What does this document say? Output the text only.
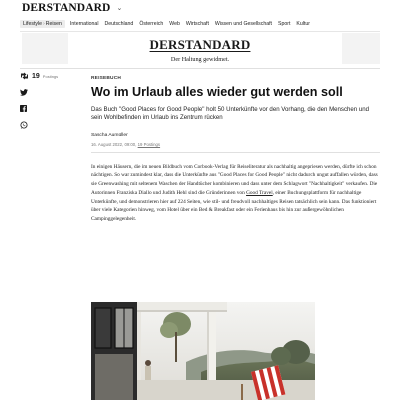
DERSTANDARD ⌄
Lifestyle›Reisen	International Deutschland Österreich Web Wirtschaft Wissen und Gesellschaft Sport Kultur
DERSTANDARD
Der Haltung gewidmet.
19 Postings	REISEBUCH
Wo im Urlaub alles wieder gut werden soll

Das Buch "Good Places for Good People" holt 50 Unterkünfte vor den Vorhang, die den Menschen und sein Wohlbefinden im Urlaub ins Zentrum rücken

Sascha Aumüller
16. August 2022, 09:00, 19 Postings

In einigen Häusern, die im neuen Bildbuch vom Corbook-Verlag für Reiseliteratur als nachhaltig angepriesen werden, dürfte ich schon nächtigen. So war zumindest klar, dass die Unterkünfte aus "Good Places for Good People" nicht dadurch ungut auffallen würden, dass sie Greenwashing mit seltenem Waschen der Handtücher kombinieren und dass unter dem Schlagwort "Nachhaltigkeit" verkaufen. Die Autorinnen Franziska Diallo und Judith Hehl sind die Gründerinnen von Good Travel, einer Buchungsplattform für nachhaltige Unterkünfte, und demonstrieren hier auf 224 Seiten, wie stil- und freudvoll nachhaltiges Reisen tatsächlich sein kann. Das funktioniert über viele Kategorien hinweg, vom Hotel über ein Bed & Breakfast oder ein Ferienhaus bis hin zur außergewöhnlichen Campinggelegenheit.
